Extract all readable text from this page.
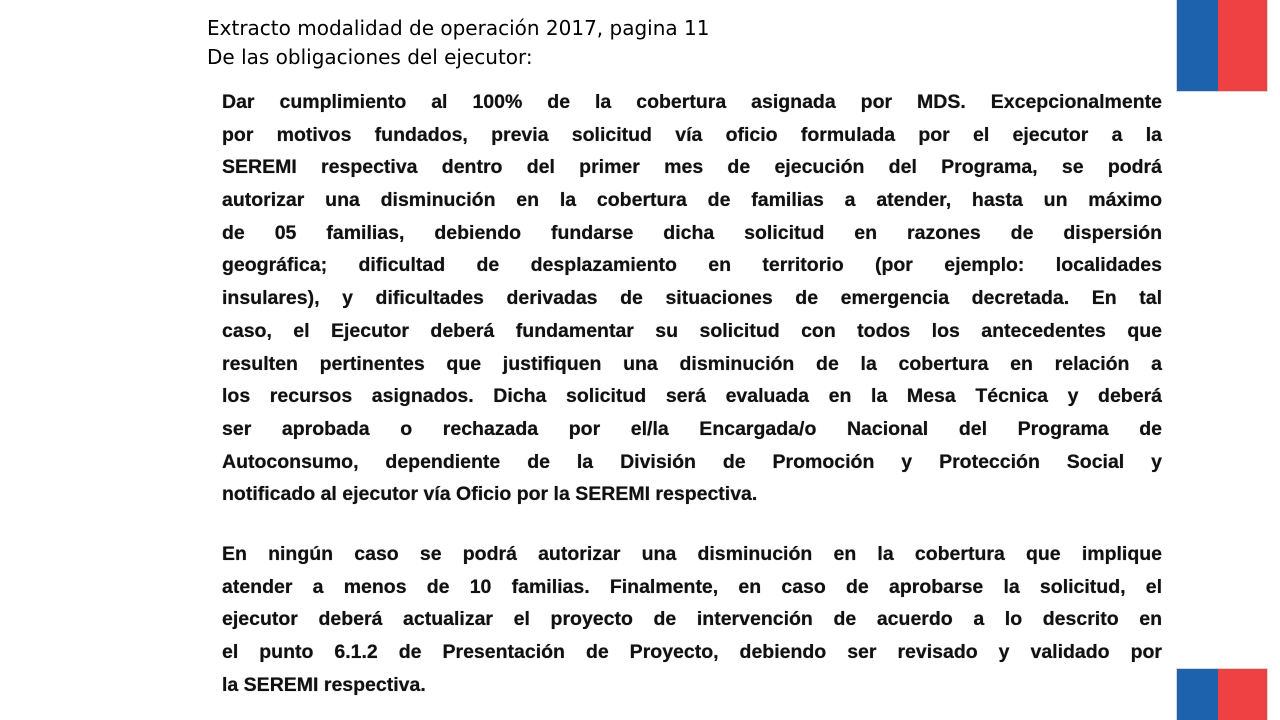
Extracto modalidad de operación 2017, pagina 11
De las obligaciones del ejecutor:

Dar cumplimiento al 100% de la cobertura asignada por MDS. Excepcionalmente
por motivos fundados, previa solicitud vía oficio formulada por el ejecutor a la
SEREMI respectiva dentro del primer mes de ejecución del Programa, se podrá
autorizar una disminución en la cobertura de familias a atender, hasta un máximo
de 05 familias, debiendo fundarse dicha solicitud en razones de dispersión
geográfica; dificultad de desplazamiento en territorio (por ejemplo: localidades
insulares), y dificultades derivadas de situaciones de emergencia decretada. En tal
caso, el Ejecutor deberá fundamentar su solicitud con todos los antecedentes que
resulten pertinentes que justifiquen una disminución de la cobertura en relación a
los recursos asignados. Dicha solicitud será evaluada en la Mesa Técnica y deberá
ser aprobada o rechazada por el/la Encargada/o Nacional del Programa de
Autoconsumo, dependiente de la División de Promoción y Protección Social y
notificado al ejecutor vía Oficio por la SEREMI respectiva.

En ningún caso se podrá autorizar una disminución en la cobertura que implique
atender a menos de 10 familias. Finalmente, en caso de aprobarse la solicitud, el
ejecutor deberá actualizar el proyecto de intervención de acuerdo a lo descrito en
el punto 6.1.2 de Presentación de Proyecto, debiendo ser revisado y validado por
la SEREMI respectiva.
